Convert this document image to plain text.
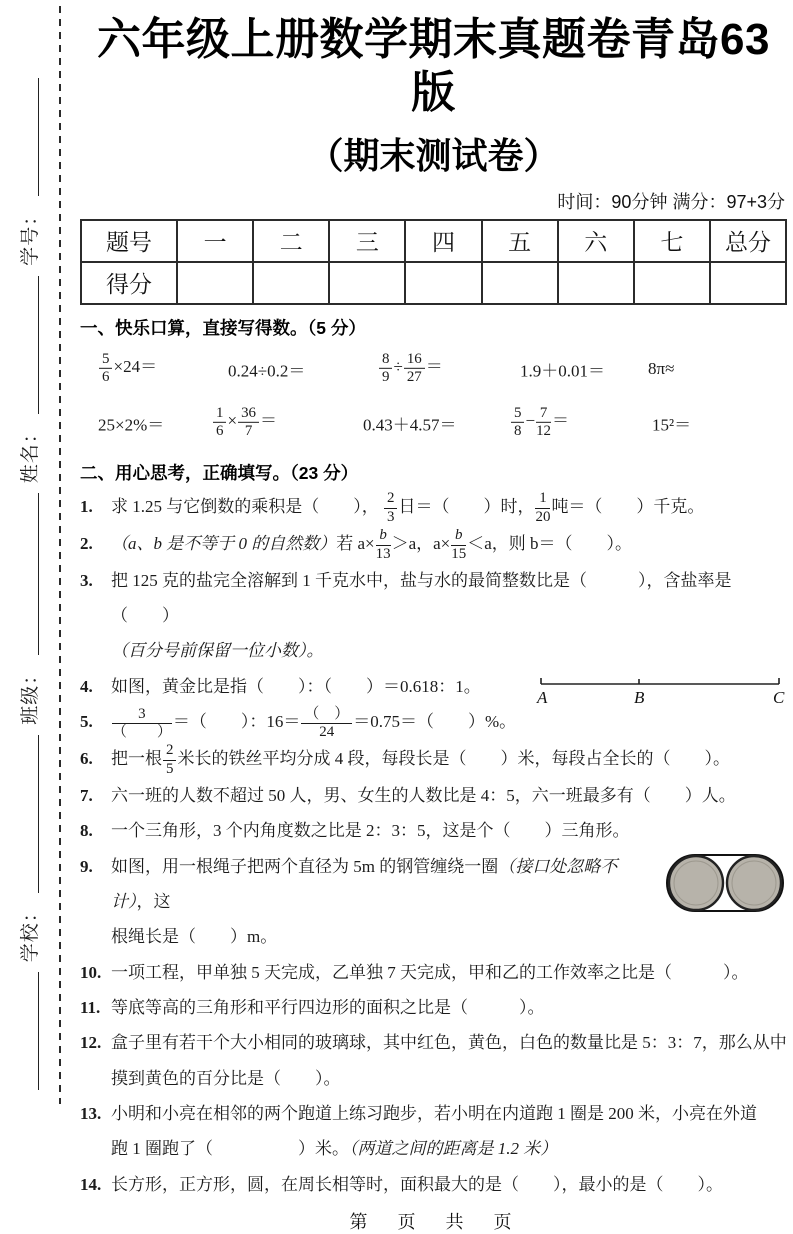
学校：
班级：
姓名：
学号：
六年级上册数学期末真题卷青岛63版
（期末测试卷）
时间：90分钟 满分：97+3分
题号	一	二	三	四	五	六	七	总分
得分								
一、快乐口算，直接写得数。（5 分）
$\frac{5}{6} \times 24=$	0.24÷0.2＝	$\frac{8}{9} \div \frac{16}{27}$ ＝	1.9＋0.01＝	8π≈
25×2%＝	$\frac{1}{6} \times \frac{36}{7}$ ＝	0.43＋4.57＝	$\frac{5}{8} - \frac{7}{12}$ ＝	15²＝
二、用心思考，正确填写。（23 分）
1. 求 1.25 与它倒数的乘积是（　　）， $\frac{2}{3}$ 日＝（　　）时， $\frac{1}{20}$ 吨＝（　　）千克。
2. （a、b 是不等于 0 的自然数）若 $a\times \frac{b}{13} >a$，$a\times \frac{b}{15} <a$，则 b＝（　　）。
3. 把 125 克的盐完全溶解到 1 千克水中，盐与水的最简整数比是（　　　），含盐率是（　　）
（百分号前保留一位小数）。
4. 如图，黄金比是指（　　）：（　　）＝0.618：1。
A	B	C
5. $\frac{3}{( )}$ ＝（　　）：$16= \frac{( )}{24} =0.75=$（　　）%。
6. 把一根 $\frac{2}{5}$ 米长的铁丝平均分成 4 段，每段长是（　　）米，每段占全长的（　　）。
7. 六一班的人数不超过 50 人，男、女生的人数比是 4：5，六一班最多有（　　）人。
8. 一个三角形，3 个内角度数之比是 2：3：5，这是个（　　）三角形。
9. 如图，用一根绳子把两个直径为 5m 的钢管缠绕一圈（接口处忽略不计），这
根绳长是（　　）m。
10. 一项工程，甲单独 5 天完成，乙单独 7 天完成，甲和乙的工作效率之比是（　　　）。
11. 等底等高的三角形和平行四边形的面积之比是（　　　）。
12. 盒子里有若干个大小相同的玻璃球，其中红色，黄色，白色的数量比是 5：3：7，那么从中
摸到黄色的百分比是（　　）。
13. 小明和小亮在相邻的两个跑道上练习跑步，若小明在内道跑 1 圈是 200 米，小亮在外道
跑 1 圈跑了（　　　　　）米。（两道之间的距离是 1.2 米）
14. 长方形，正方形，圆，在周长相等时，面积最大的是（　　），最小的是（　　）。
第　页　共　页
